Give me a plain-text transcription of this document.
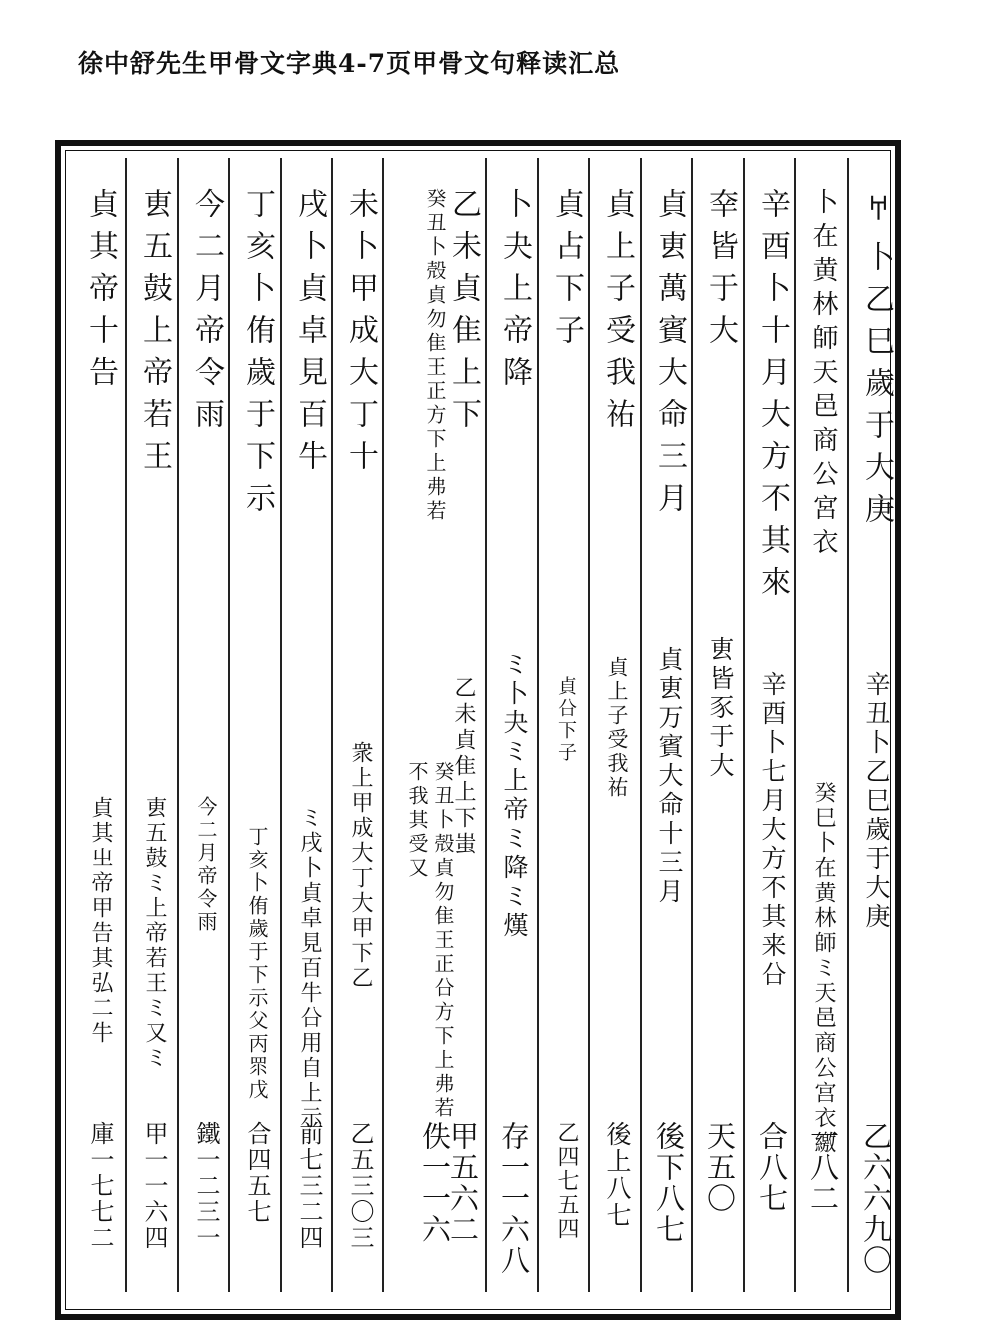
徐中舒先生甲骨文字典4-7页甲骨文句释读汇总
𐀀卜乙巳歲于大庚
辛丑卜乙巳歲于大庚
乙六六九〇
卜在黄林師天邑商公宮衣
癸巳卜在黄林師ミ天邑商公宫衣繳
一八二
辛酉卜十月大方不其來
辛酉卜七月大方不其来㕣
合八七
㚔皆于大
叀皆豕于大
天五〇
貞叀萬賓大命三月
貞叀万賓大命十三月
後下八七
貞上子受我祐
貞上子受我祐
後上八七
貞占下子
貞㕣下子
乙四七五四
卜夬上帝降
ミ卜夬ミ上帝ミ降ミ熯
存一一六八
乙未貞隹上下
乙未貞隹上下蚩
甲五六二
癸丑卜殻貞勿隹王正方下上弗若
癸丑卜殻貞勿隹王正㕣方下上弗若
不我其受又
佚一一六
未卜甲成大丁十
衆上甲成大丁大甲下乙
乙五三〇三
戌卜貞卓見百牛
ミ戌卜貞卓見百牛㕣用自上示
前七三二四
丁亥卜侑歲于下示
丁亥卜侑歲于下示父丙眔戊
合四五七
今二月帝令雨
今二月帝令雨
鐵一二三一
叀五鼓上帝若王
叀五鼓ミ上帝若王ミ又ミ
甲一一六四
貞其帝十告
貞其㞢帝甲告其弘二牛
庫一七七二
